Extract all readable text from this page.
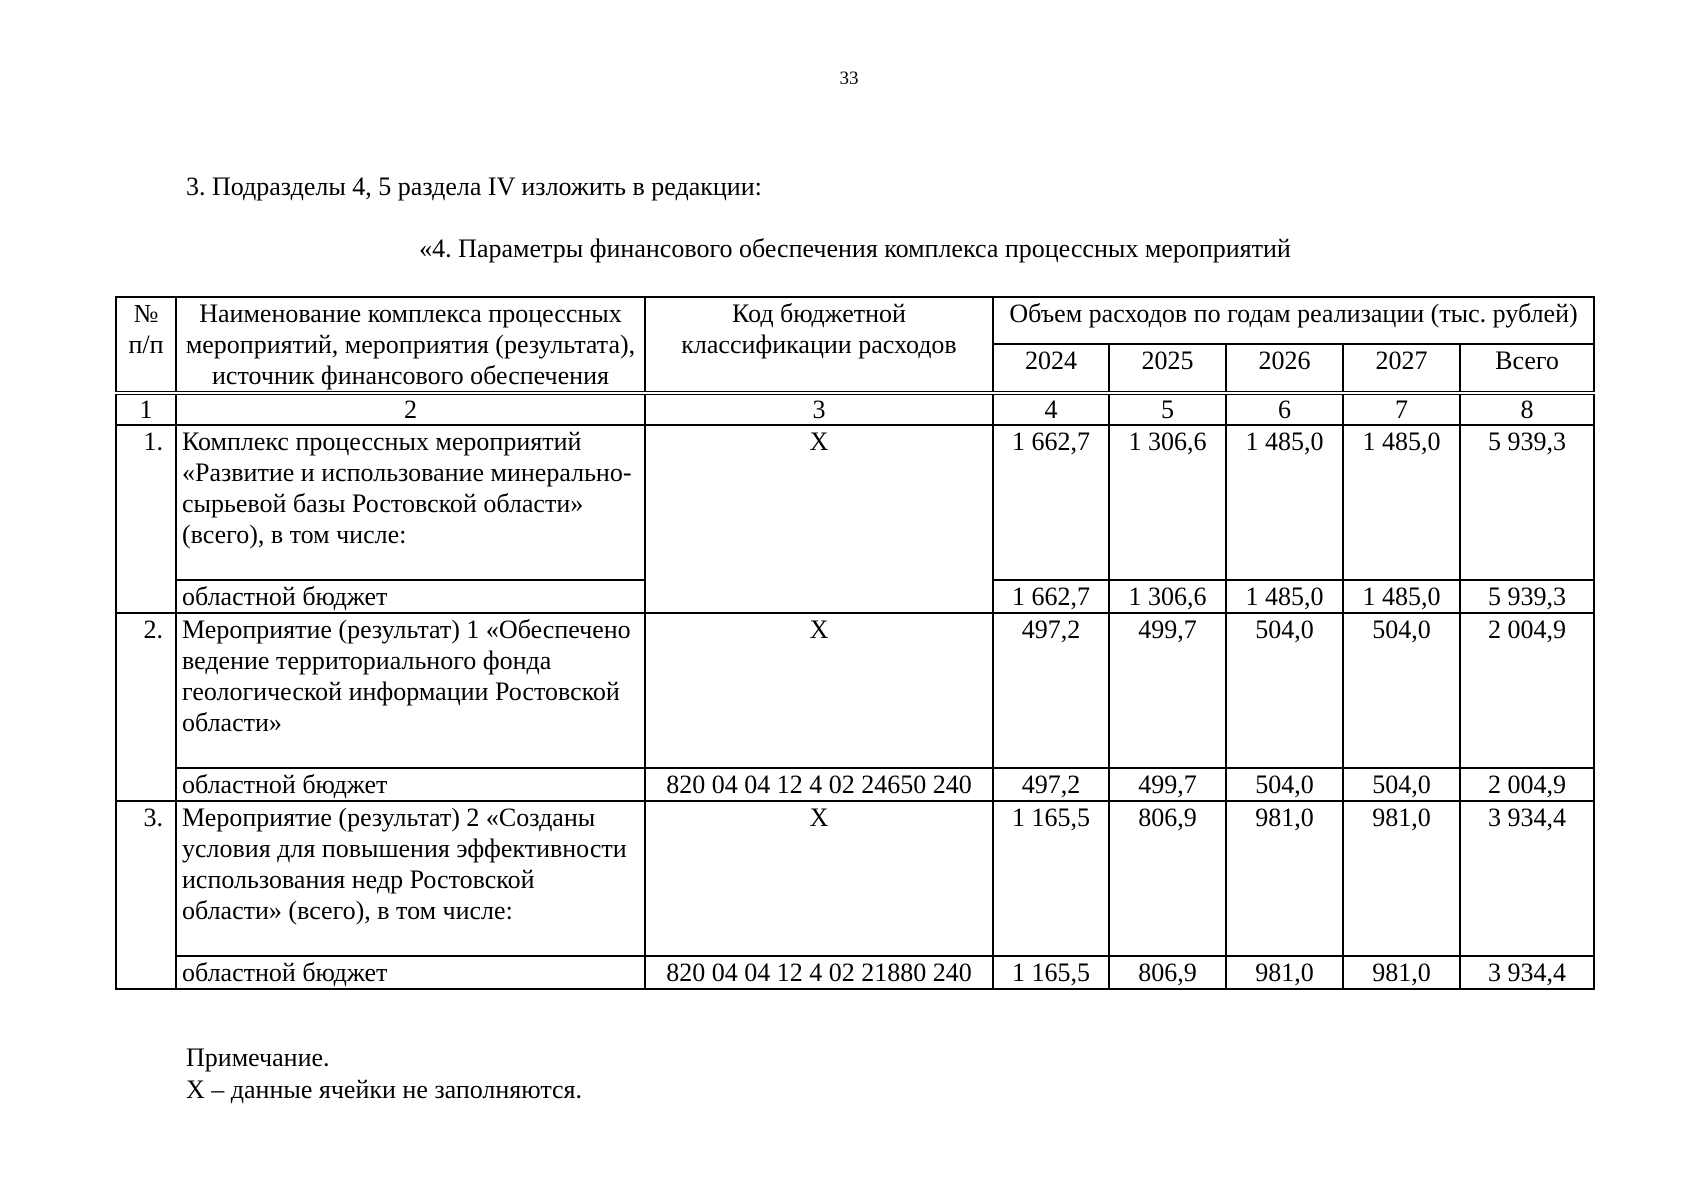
33
3. Подразделы 4, 5 раздела IV изложить в редакции:
«4. Параметры финансового обеспечения комплекса процессных мероприятий
№ п/п	Наименование комплекса процессных мероприятий, мероприятия (результата), источник финансового обеспечения	Код бюджетной классификации расходов	Объем расходов по годам реализации (тыс. рублей)				
			2024	2025	2026	2027	Всего
1	2	3	4	5	6	7	8
1.	Комплекс процессных мероприятий «Развитие и использование минерально-сырьевой базы Ростовской области» (всего), в том числе:	X	1 662,7	1 306,6	1 485,0	1 485,0	5 939,3
	областной бюджет		1 662,7	1 306,6	1 485,0	1 485,0	5 939,3
2.	Мероприятие (результат) 1 «Обеспечено ведение территориального фонда геологической информации Ростовской области»	X	497,2	499,7	504,0	504,0	2 004,9
	областной бюджет	820 04 04 12 4 02 24650 240	497,2	499,7	504,0	504,0	2 004,9
3.	Мероприятие (результат) 2 «Созданы условия для повышения эффективности использования недр Ростовской области» (всего), в том числе:	X	1 165,5	806,9	981,0	981,0	3 934,4
	областной бюджет	820 04 04 12 4 02 21880 240	1 165,5	806,9	981,0	981,0	3 934,4
Примечание.
X – данные ячейки не заполняются.
